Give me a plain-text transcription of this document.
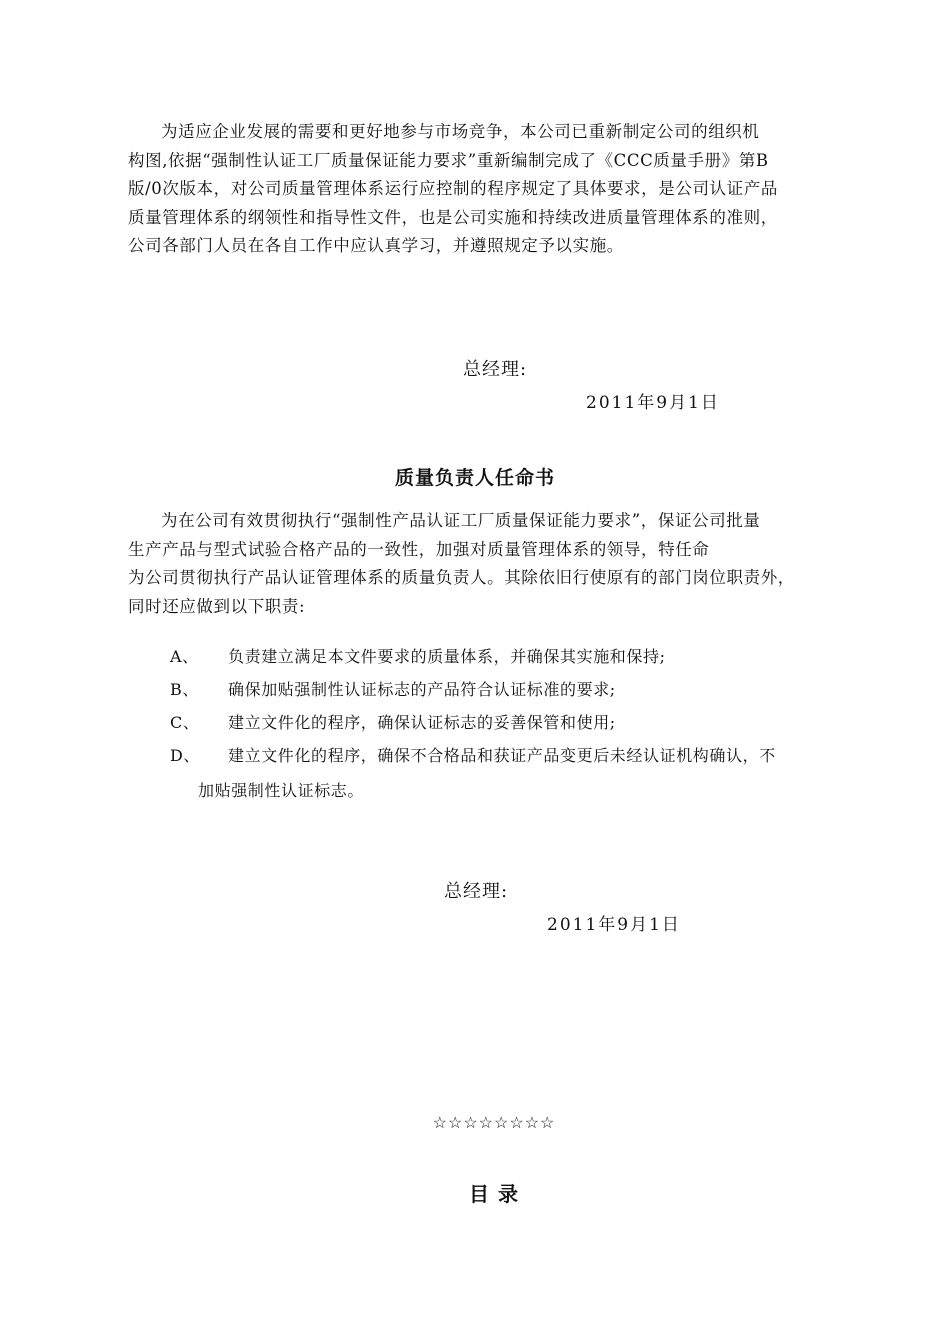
为适应企业发展的需要和更好地参与市场竞争，本公司已重新制定公司的组织机

构图,依据“强制性认证工厂质量保证能力要求”重新编制完成了《CCC质量手册》第B

版/0次版本，对公司质量管理体系运行应控制的程序规定了具体要求，是公司认证产品

质量管理体系的纲领性和指导性文件，也是公司实施和持续改进质量管理体系的准则，

公司各部门人员在各自工作中应认真学习，并遵照规定予以实施。

总经理:
2011年9月1日
质量负责人任命书

为在公司有效贯彻执行“强制性产品认证工厂质量保证能力要求”，保证公司批量

生产产品与型式试验合格产品的一致性，加强对质量管理体系的领导，特任命

为公司贯彻执行产品认证管理体系的质量负责人。其除依旧行使原有的部门岗位职责外，

同时还应做到以下职责:

A、 负责建立满足本文件要求的质量体系，并确保其实施和保持;
B、 确保加贴强制性认证标志的产品符合认证标准的要求;
C、 建立文件化的程序，确保认证标志的妥善保管和使用;
D、 建立文件化的程序，确保不合格品和获证产品变更后未经认证机构确认，不
加贴强制性认证标志。
总经理:
2011年9月1日
☆☆☆☆☆☆☆☆
目 录
